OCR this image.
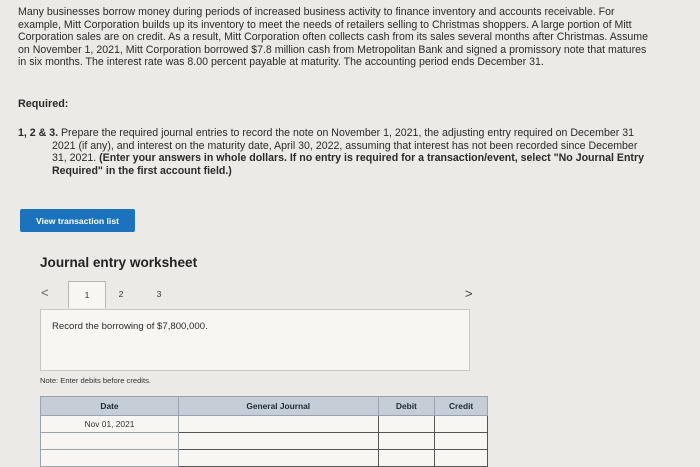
Many businesses borrow money during periods of increased business activity to finance inventory and accounts receivable. For

example, Mitt Corporation builds up its inventory to meet the needs of retailers selling to Christmas shoppers. A large portion of Mitt

Corporation sales are on credit. As a result, Mitt Corporation often collects cash from its sales several months after Christmas. Assume

on November 1, 2021, Mitt Corporation borrowed $7.8 million cash from Metropolitan Bank and signed a promissory note that matures

in six months. The interest rate was 8.00 percent payable at maturity. The accounting period ends December 31.

Required:
1, 2 & 3. Prepare the required journal entries to record the note on November 1, 2021, the adjusting entry required on December 31
2021 (if any), and interest on the maturity date, April 30, 2022, assuming that interest has not been recorded since December
31, 2021. (Enter your answers in whole dollars. If no entry is required for a transaction/event, select "No Journal Entry
Required" in the first account field.)
View transaction list
Journal entry worksheet
<	1	2	3	>
Record the borrowing of $7,800,000.
Note: Enter debits before credits.
Date	General Journal	Debit	Credit
Nov 01, 2021			
